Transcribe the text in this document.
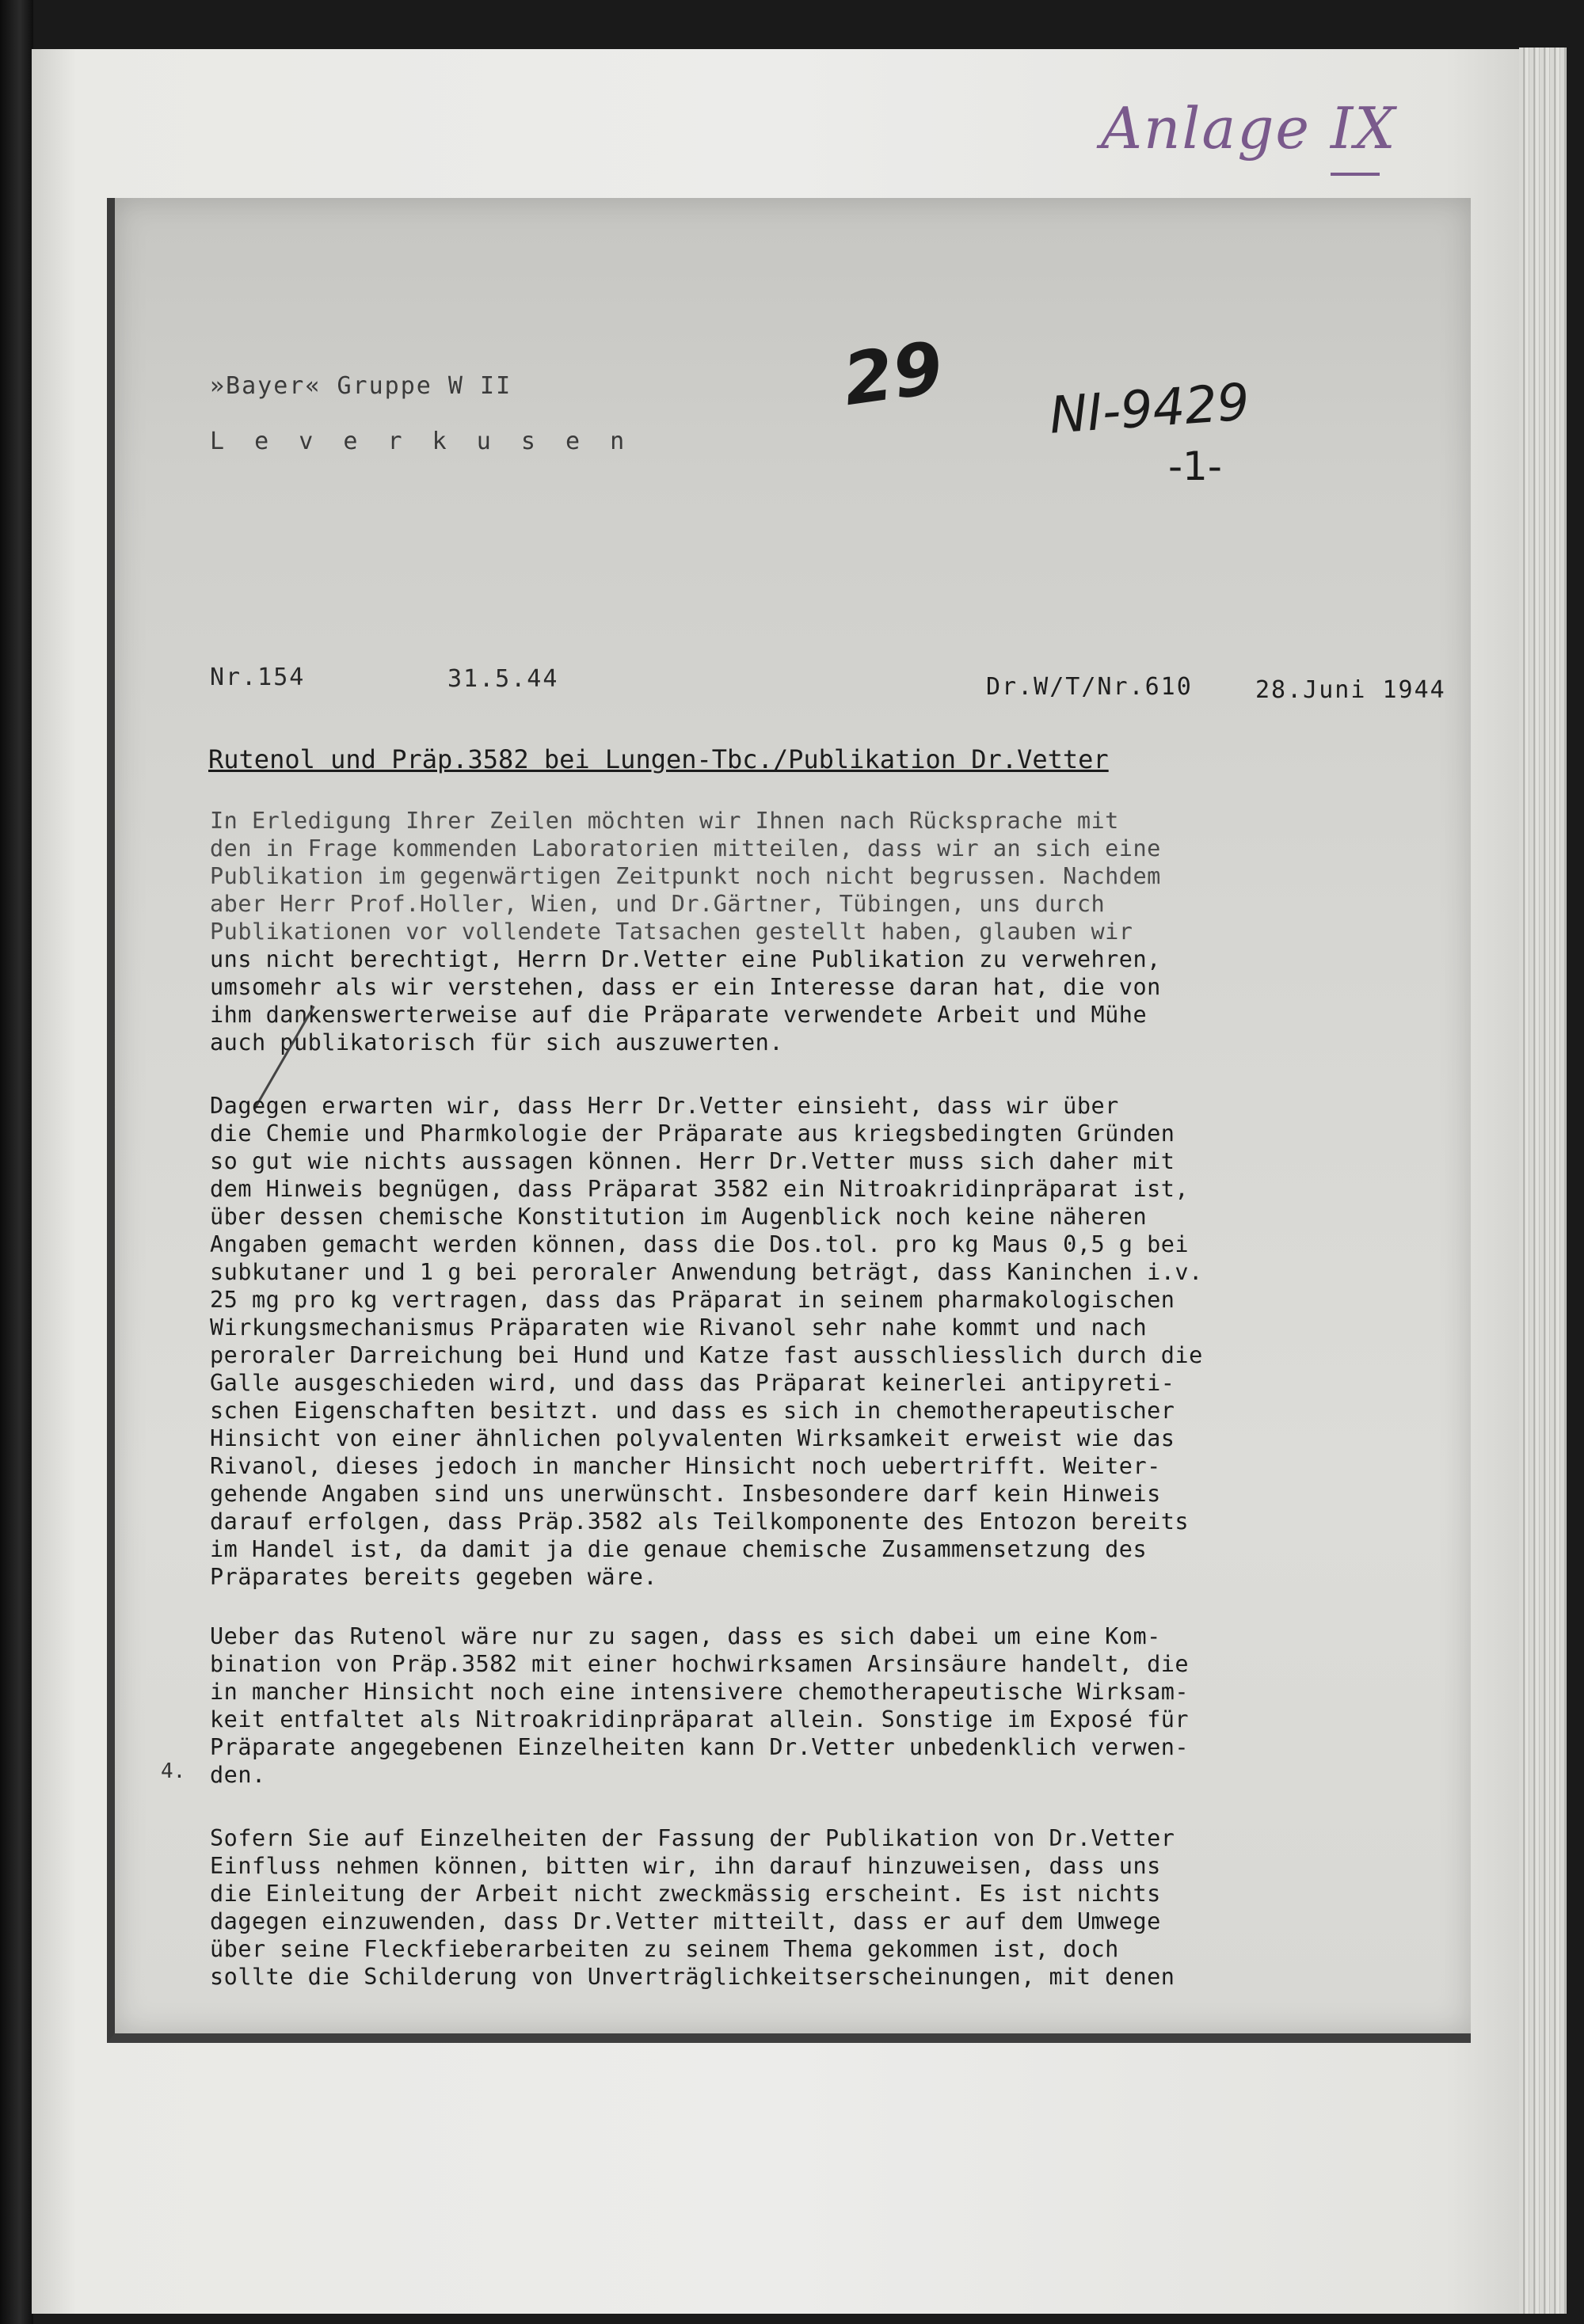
Anlage IX
»Bayer« Gruppe W II
L e v e r k u s e n
29 NI-9429
-1-
Nr.154	31.5.44	Dr.W/T/Nr.610	28.Juni 1944
Rutenol und Präp.3582 bei Lungen-Tbc./Publikation Dr.Vetter
In Erledigung Ihrer Zeilen möchten wir Ihnen nach Rücksprache mit
den in Frage kommenden Laboratorien mitteilen, dass wir an sich eine
Publikation im gegenwärtigen Zeitpunkt noch nicht begrussen. Nachdem
aber Herr Prof.Holler, Wien, und Dr.Gärtner, Tübingen, uns durch
Publikationen vor vollendete Tatsachen gestellt haben, glauben wir
uns nicht berechtigt, Herrn Dr.Vetter eine Publikation zu verwehren,
umsomehr als wir verstehen, dass er ein Interesse daran hat, die von
ihm dankenswerterweise auf die Präparate verwendete Arbeit und Mühe
auch publikatorisch für sich auszuwerten.
Dagegen erwarten wir, dass Herr Dr.Vetter einsieht, dass wir über
die Chemie und Pharmkologie der Präparate aus kriegsbedingten Gründen
so gut wie nichts aussagen können. Herr Dr.Vetter muss sich daher mit
dem Hinweis begnügen, dass Präparat 3582 ein Nitroakridinpräparat ist,
über dessen chemische Konstitution im Augenblick noch keine näheren
Angaben gemacht werden können, dass die Dos.tol. pro kg Maus 0,5 g bei
subkutaner und 1 g bei peroraler Anwendung beträgt, dass Kaninchen i.v.
25 mg pro kg vertragen, dass das Präparat in seinem pharmakologischen
Wirkungsmechanismus Präparaten wie Rivanol sehr nahe kommt und nach
peroraler Darreichung bei Hund und Katze fast ausschliesslich durch die
Galle ausgeschieden wird, und dass das Präparat keinerlei antipyreti-
schen Eigenschaften besitzt. und dass es sich in chemotherapeutischer
Hinsicht von einer ähnlichen polyvalenten Wirksamkeit erweist wie das
Rivanol, dieses jedoch in mancher Hinsicht noch uebertrifft. Weiter-
gehende Angaben sind uns unerwünscht. Insbesondere darf kein Hinweis
darauf erfolgen, dass Präp.3582 als Teilkomponente des Entozon bereits
im Handel ist, da damit ja die genaue chemische Zusammensetzung des
Präparates bereits gegeben wäre.
Ueber das Rutenol wäre nur zu sagen, dass es sich dabei um eine Kom-
bination von Präp.3582 mit einer hochwirksamen Arsinsäure handelt, die
in mancher Hinsicht noch eine intensivere chemotherapeutische Wirksam-
keit entfaltet als Nitroakridinpräparat allein. Sonstige im Exposé für
Präparate angegebenen Einzelheiten kann Dr.Vetter unbedenklich verwen-
den.
4.
Sofern Sie auf Einzelheiten der Fassung der Publikation von Dr.Vetter
Einfluss nehmen können, bitten wir, ihn darauf hinzuweisen, dass uns
die Einleitung der Arbeit nicht zweckmässig erscheint. Es ist nichts
dagegen einzuwenden, dass Dr.Vetter mitteilt, dass er auf dem Umwege
über seine Fleckfieberarbeiten zu seinem Thema gekommen ist, doch
sollte die Schilderung von Unverträglichkeitserscheinungen, mit denen
